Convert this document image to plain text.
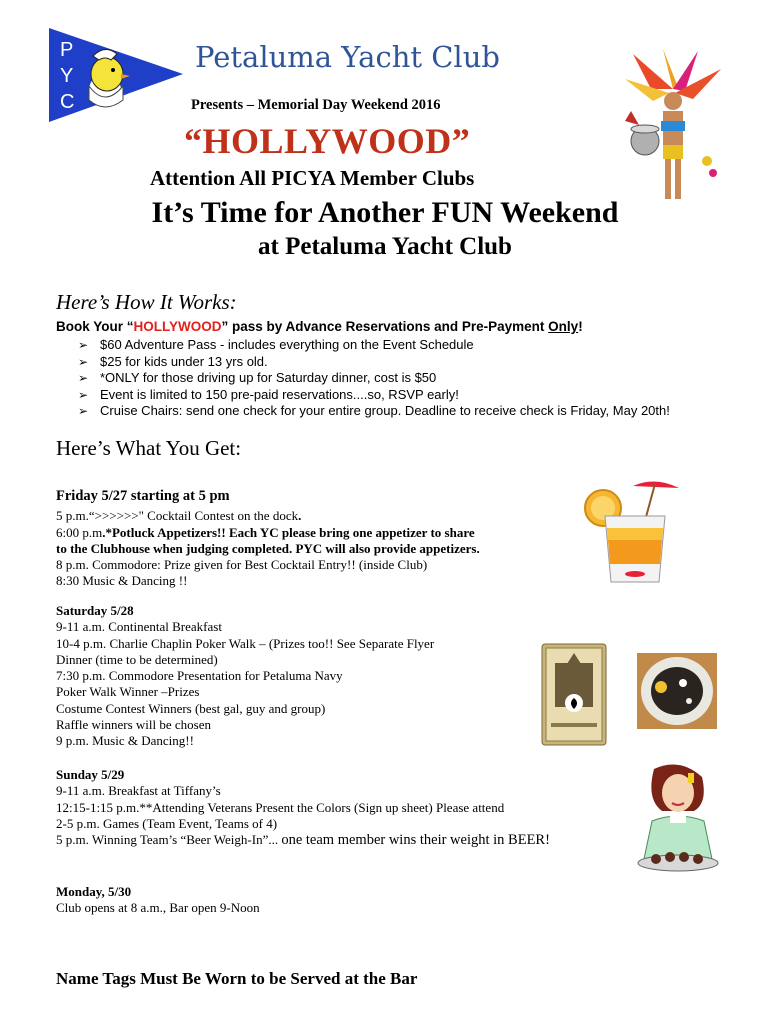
P
Y
C
Petaluma Yacht Club
Presents – Memorial Day Weekend 2016
“HOLLYWOOD”
Attention All PICYA Member Clubs
It’s Time for Another FUN Weekend
at Petaluma Yacht Club
Here’s How It Works:
Book Your “HOLLYWOOD” pass by Advance Reservations and Pre-Payment Only!
➢ $60 Adventure Pass - includes everything on the Event Schedule
➢ $25 for kids under 13 yrs old.
➢ *ONLY for those driving up for Saturday dinner, cost is $50
➢ Event is limited to 150 pre-paid reservations....so, RSVP early!
➢ Cruise Chairs: send one check for your entire group. Deadline to receive check is Friday, May 20th!
Here’s What You Get:
Friday 5/27 starting at 5 pm
5 p.m.“>>>>>>" Cocktail Contest on the dock.
6:00 p.m.*Potluck Appetizers!! Each YC please bring one appetizer to share
to the Clubhouse when judging completed. PYC will also provide appetizers.
8 p.m. Commodore: Prize given for Best Cocktail Entry!! (inside Club)
8:30 Music & Dancing !!
Saturday 5/28
9-11 a.m. Continental Breakfast
10-4 p.m. Charlie Chaplin Poker Walk – (Prizes too!! See Separate Flyer
Dinner (time to be determined)
7:30 p.m. Commodore Presentation for Petaluma Navy
Poker Walk Winner –Prizes
Costume Contest Winners (best gal, guy and group)
Raffle winners will be chosen
9 p.m. Music & Dancing!!
Sunday 5/29
9-11 a.m. Breakfast at Tiffany’s
12:15-1:15 p.m.**Attending Veterans Present the Colors (Sign up sheet) Please attend
2-5 p.m. Games (Team Event, Teams of 4)
5 p.m. Winning Team’s “Beer Weigh-In”... one team member wins their weight in BEER!
Monday, 5/30
Club opens at 8 a.m., Bar open 9-Noon
Name Tags Must Be Worn to be Served at the Bar
